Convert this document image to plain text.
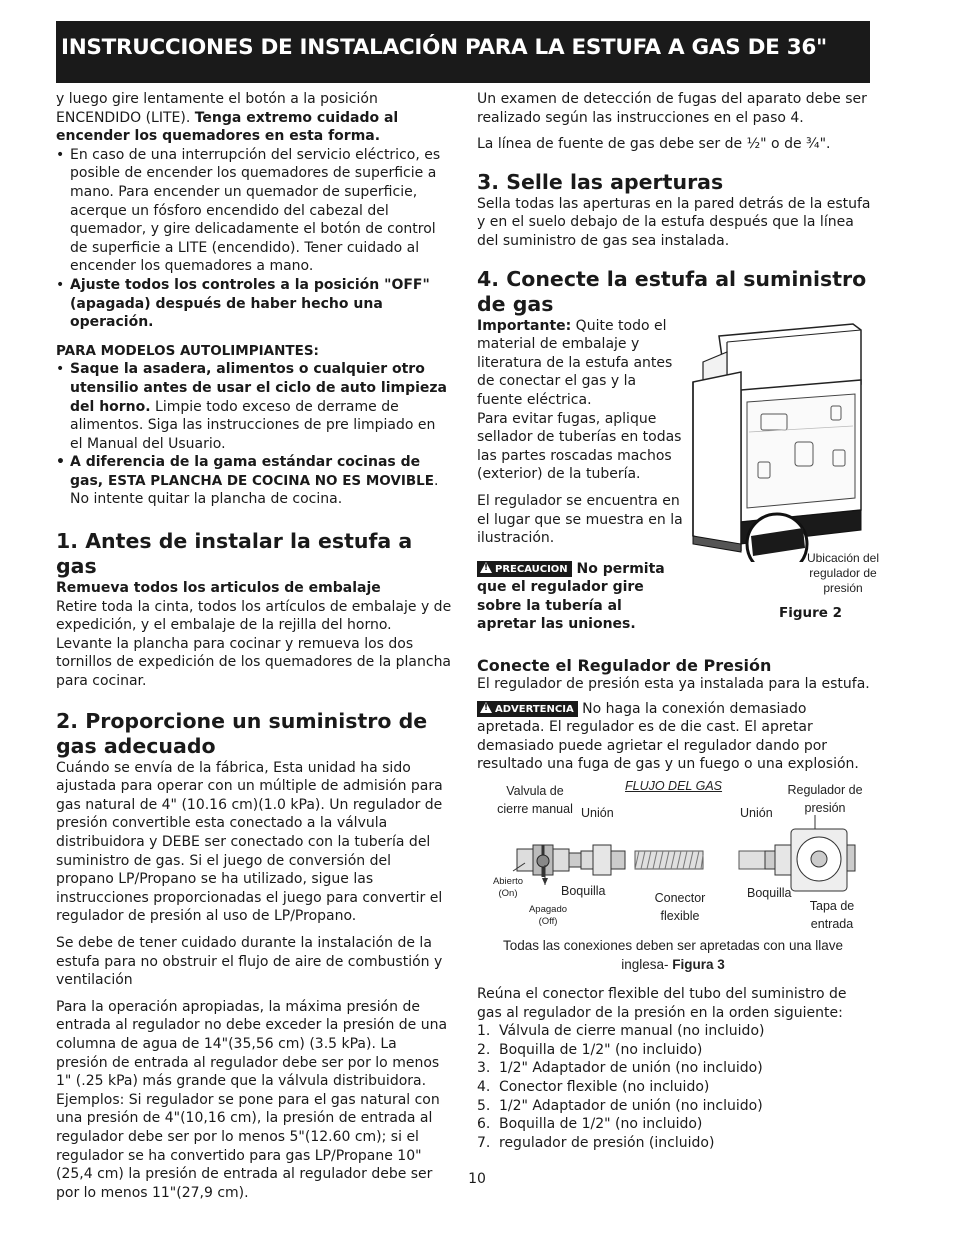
INSTRUCCIONES DE INSTALACIÓN PARA LA ESTUFA A GAS DE 36"

y luego gire lentamente el botón a la posición ENCENDIDO (LITE). Tenga extremo cuidado al encender los quemadores en esta forma.

• En caso de una interrupción del servicio eléctrico, es posible de encender los quemadores de superficie a mano. Para encender un quemador de superficie, acerque un fósforo encendido del cabezal del quemador, y gire delicadamente el botón de control de superficie a LITE (encendido). Tener cuidado al encender los quemadores a mano.
• Ajuste todos los controles a la posición "OFF" (apagada) después de haber hecho una operación.

PARA MODELOS AUTOLIMPIANTES:

• Saque la asadera, alimentos o cualquier otro utensilio antes de usar el ciclo de auto limpieza del horno. Limpie todo exceso de derrame de alimentos. Siga las instrucciones de pre limpiado en el Manual del Usuario.
• A diferencia de la gama estándar cocinas de gas, ESTA PLANCHA DE COCINA NO ES MOVIBLE. No intente quitar la plancha de cocina.
1. Antes de instalar la estufa a gas

Remueva todos los articulos de embalaje

Retire toda la cinta, todos los artículos de embalaje y de expedición, y el embalaje de la rejilla del horno. Levante la plancha para cocinar y remueva los dos tornillos de expedición de los quemadores de la plancha para cocinar.

2. Proporcione un suministro de gas adecuado

Cuándo se envía de la fábrica, Esta unidad ha sido ajustada para operar con un múltiple de admisión para gas natural de 4" (10.16 cm)(1.0 kPa). Un regulador de presión convertible esta conectado a la válvula distribuidora y DEBE ser conectado con la tubería del suministro de gas. Si el juego de conversión del propano LP/Propano se ha utilizado, sigue las instrucciones proporcionadas el juego para convertir el regulador de presión al uso de LP/Propano.

Se debe de tener cuidado durante la instalación de la estufa para no obstruir el flujo de aire de combustión y ventilación

Para la operación apropiadas, la máxima presión de entrada al regulador no debe exceder la presión de una columna de agua de 14"(35,56 cm) (3.5 kPa). La presión de entrada al regulador debe ser por lo menos 1" (.25 kPa) más grande que la válvula distribuidora. Ejemplos: Si regulador se pone para el gas natural con una presión de 4"(10,16 cm), la presión de entrada al regulador debe ser por lo menos 5"(12.60 cm); si el regulador se ha convertido para gas LP/Propane 10"(25,4 cm) la presión de entrada al regulador debe ser por lo menos 11"(27,9 cm).

Un examen de detección de fugas del aparato debe ser realizado según las instrucciones en el paso 4.

La línea de fuente de gas debe ser de ½" o de ¾".

3. Selle las aperturas

Sella todas las aperturas en la pared detrás de la estufa y en el suelo debajo de la estufa después que la línea del suministro de gas sea instalada.

4. Conecte la estufa al suministro de gas

Importante: Quite todo el material de embalaje y literatura de la estufa antes de conectar el gas y la fuente eléctrica.

Para evitar fugas, aplique sellador de tuberías en todas las partes roscadas machos (exterior) de la tubería.

El regulador se encuentra en el lugar que se muestra en la ilustración.

!PRECAUCION No permita que el regulador gire sobre la tubería al apretar las uniones.

Conecte el Regulador de Presión

El regulador de presión esta ya instalada para la estufa.

!ADVERTENCIA No haga la conexión demasiado apretada. El regulador es de die cast. El apretar demasiado puede agrietar el regulador dando por resultado una fuga de gas y un fuego o una explosión.

Ubicación del regulador de presión
Figure 2
Valvula de cierre manual
FLUJO DEL GAS	Regulador de presión
Unión	Unión
Abierto (On)	Boquilla	Conector flexible
Boquilla
Apagado (Off)
Tapa de entrada
Todas las conexiones deben ser apretadas con una llave inglesa- Figura 3

Reúna el conector flexible del tubo del suministro de gas al regulador de la presión en la orden siguiente:

1. Válvula de cierre manual (no incluido)
2. Boquilla de 1/2" (no incluido)
3. 1/2" Adaptador de unión (no incluido)
4. Conector flexible (no incluido)
5. 1/2" Adaptador de unión (no incluido)
6. Boquilla de 1/2" (no incluido)
7. regulador de presión (incluido)
10
